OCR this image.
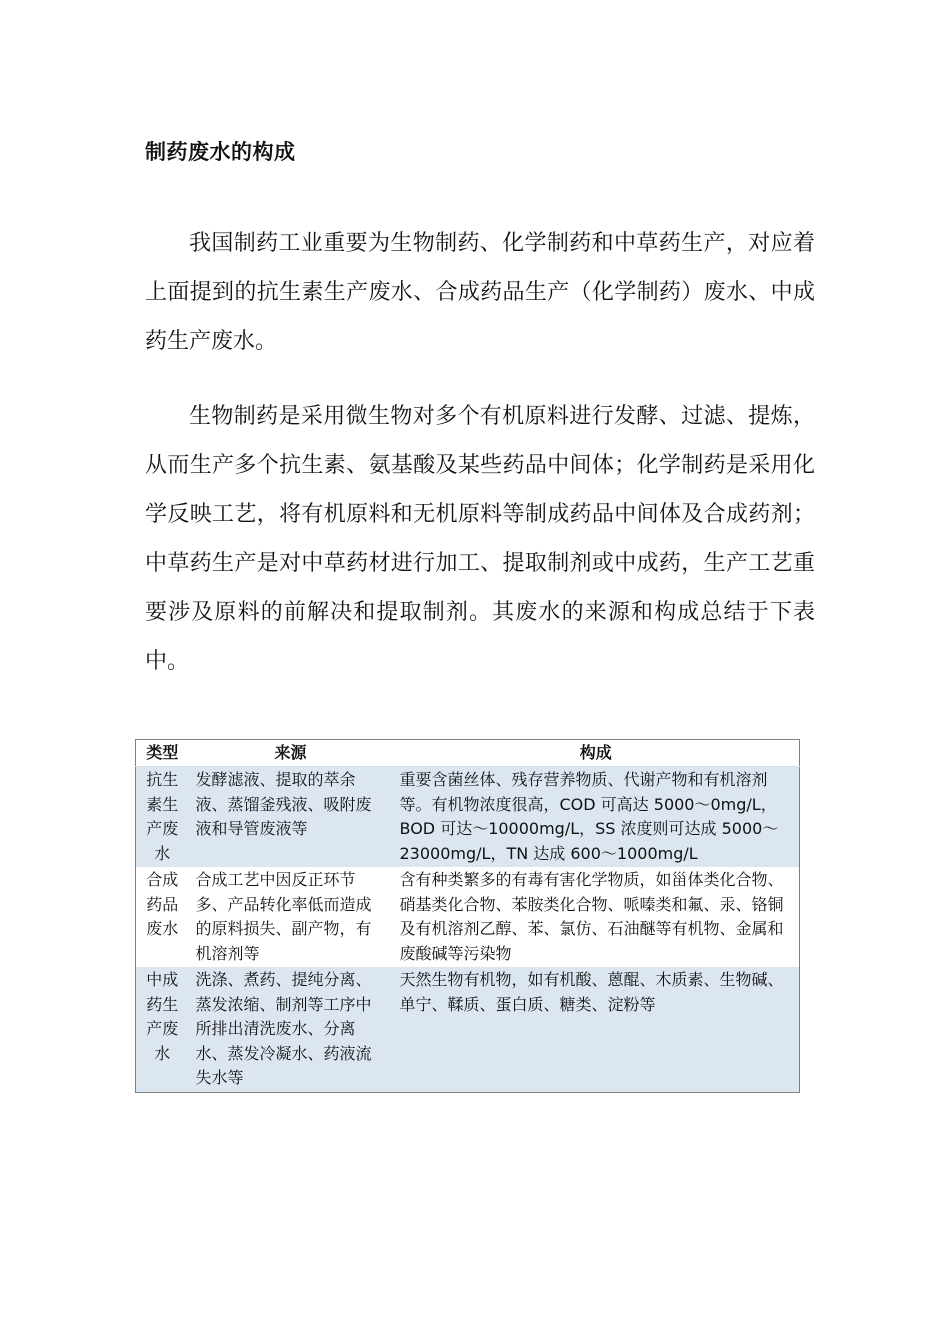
制药废水的构成

我国制药工业重要为生物制药、化学制药和中草药生产，对应着上面提到的抗生素生产废水、合成药品生产（化学制药）废水、中成药生产废水。

生物制药是采用微生物对多个有机原料进行发酵、过滤、提炼，从而生产多个抗生素、氨基酸及某些药品中间体；化学制药是采用化学反映工艺，将有机原料和无机原料等制成药品中间体及合成药剂；中草药生产是对中草药材进行加工、提取制剂或中成药，生产工艺重要涉及原料的前解决和提取制剂。其废水的来源和构成总结于下表中。

类型	来源	构成
抗生素生产废水	发酵滤液、提取的萃余液、蒸馏釜残液、吸附废液和导管废液等	重要含菌丝体、残存营养物质、代谢产物和有机溶剂等。有机物浓度很高，COD 可高达 5000～0mg/L，BOD 可达～10000mg/L，SS 浓度则可达成 5000～23000mg/L，TN 达成 600～1000mg/L
合成药品废水	合成工艺中因反正环节多、产品转化率低而造成的原料损失、副产物，有机溶剂等	含有种类繁多的有毒有害化学物质，如甾体类化合物、硝基类化合物、苯胺类化合物、哌嗪类和氟、汞、铬铜及有机溶剂乙醇、苯、氯仿、石油醚等有机物、金属和废酸碱等污染物
中成药生产废水	洗涤、煮药、提纯分离、蒸发浓缩、制剂等工序中所排出清洗废水、分离水、蒸发冷凝水、药液流失水等	天然生物有机物，如有机酸、蒽醌、木质素、生物碱、单宁、鞣质、蛋白质、糖类、淀粉等
